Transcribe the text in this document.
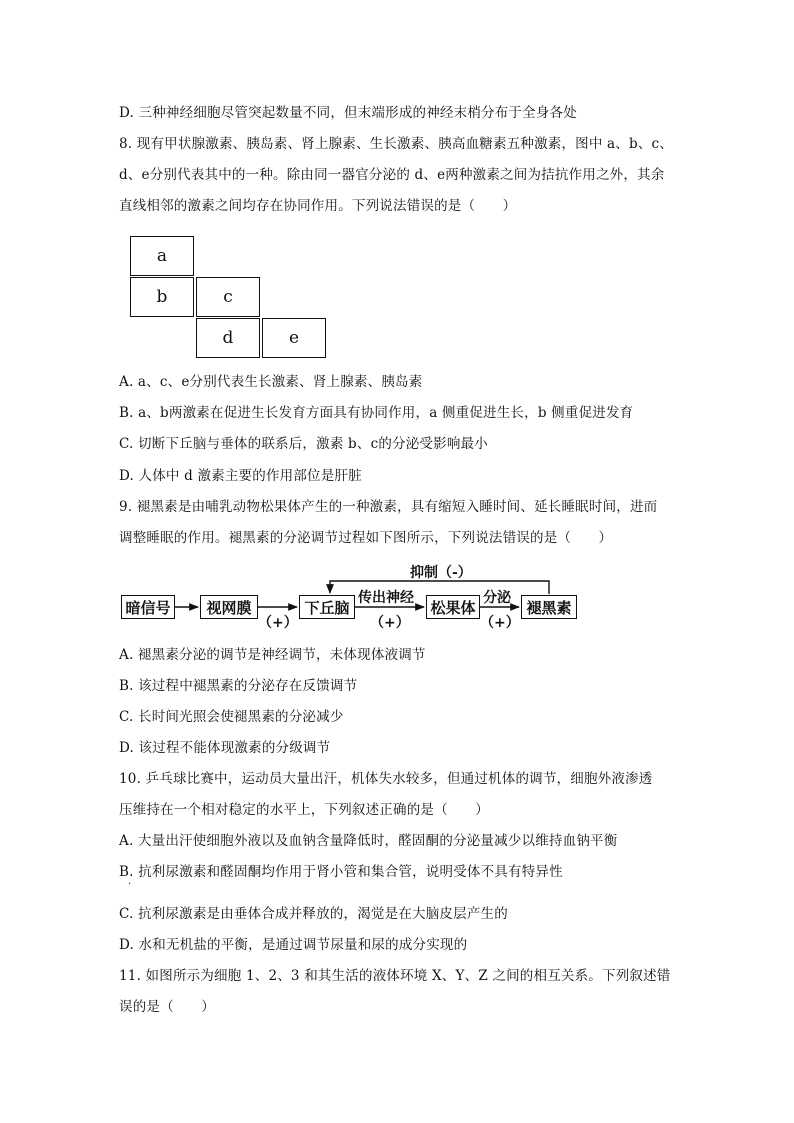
D. 三种神经细胞尽管突起数量不同，但末端形成的神经末梢分布于全身各处
8. 现有甲状腺激素、胰岛素、肾上腺素、生长激素、胰高血糖素五种激素，图中 a、b、c、
d、e分别代表其中的一种。除由同一器官分泌的 d、e两种激素之间为拮抗作用之外，其余
直线相邻的激素之间均存在协同作用。下列说法错误的是（　　）
a
b	c
d	e
A. a、c、e分别代表生长激素、肾上腺素、胰岛素
B. a、b两激素在促进生长发育方面具有协同作用，a 侧重促进生长，b 侧重促进发育
C. 切断下丘脑与垂体的联系后，激素 b、c的分泌受影响最小
D. 人体中 d 激素主要的作用部位是肝脏
9. 褪黑素是由哺乳动物松果体产生的一种激素，具有缩短入睡时间、延长睡眠时间，进而
调整睡眠的作用。褪黑素的分泌调节过程如下图所示，下列说法错误的是（　　）
暗信号	视网膜	下丘脑	松果体	褪黑素
传出神经	分泌
（+）	（+）	（+）
抑制（-）
A. 褪黑素分泌的调节是神经调节，未体现体液调节
B. 该过程中褪黑素的分泌存在反馈调节
C. 长时间光照会使褪黑素的分泌减少
D. 该过程不能体现激素的分级调节
10. 乒乓球比赛中，运动员大量出汗，机体失水较多，但通过机体的调节，细胞外液渗透
压维持在一个相对稳定的水平上，下列叙述正确的是（　　）
A. 大量出汗使细胞外液以及血钠含量降低时，醛固酮的分泌量减少以维持血钠平衡
B. 抗利尿激素和醛固酮均作用于肾小管和集合管，说明受体不具有特异性
·
C. 抗利尿激素是由垂体合成并释放的，渴觉是在大脑皮层产生的
D. 水和无机盐的平衡，是通过调节尿量和尿的成分实现的
11. 如图所示为细胞 1、2、3 和其生活的液体环境 X、Y、Z 之间的相互关系。下列叙述错
误的是（　　）
